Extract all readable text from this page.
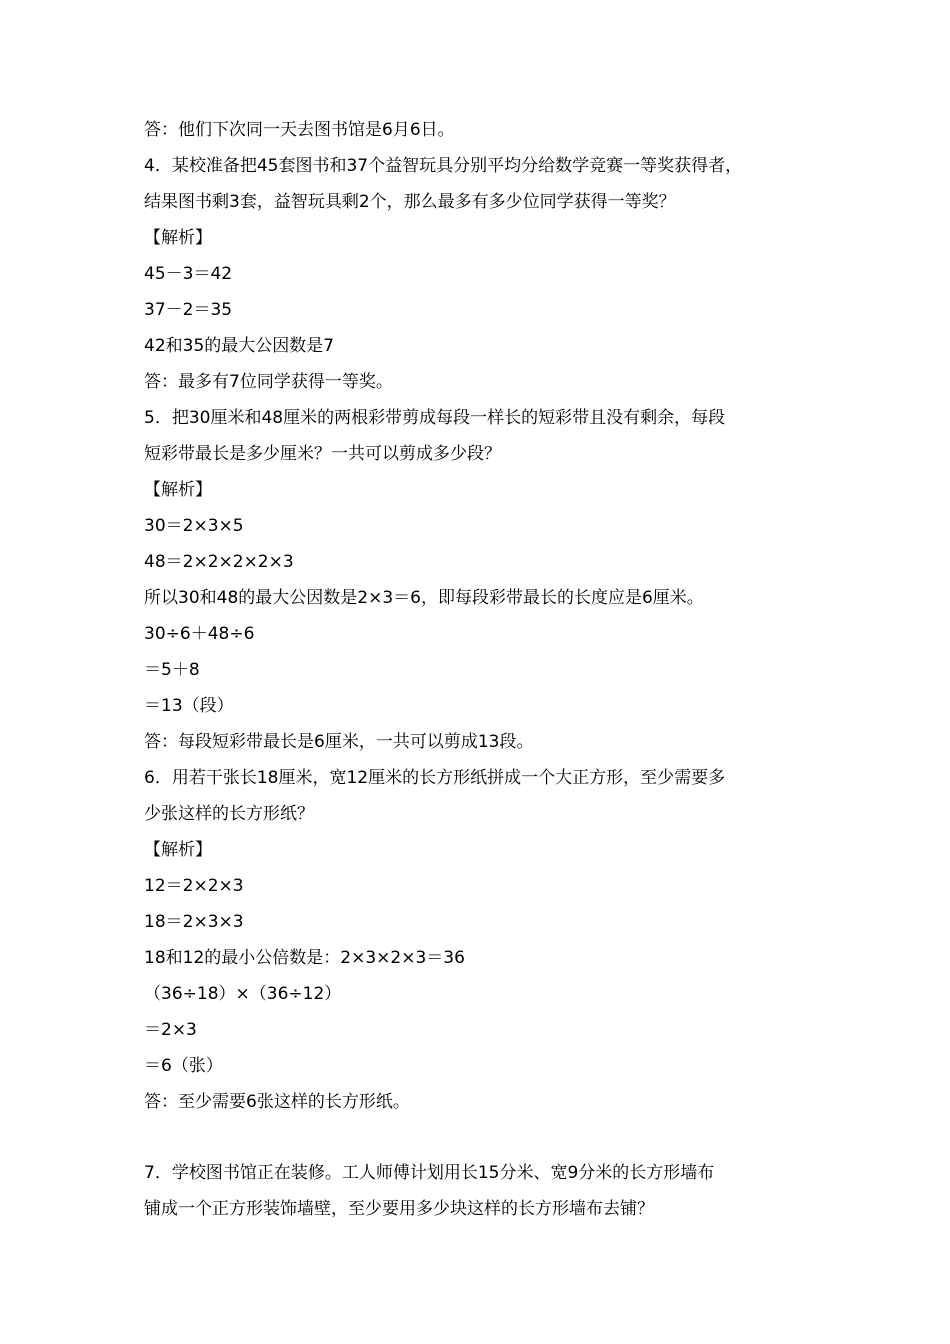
答：他们下次同一天去图书馆是6月6日。
4．某校准备把45套图书和37个益智玩具分别平均分给数学竞赛一等奖获得者，
结果图书剩3套，益智玩具剩2个，那么最多有多少位同学获得一等奖？
【解析】
45－3＝42
37－2＝35
42和35的最大公因数是7
答：最多有7位同学获得一等奖。
5．把30厘米和48厘米的两根彩带剪成每段一样长的短彩带且没有剩余，每段
短彩带最长是多少厘米？一共可以剪成多少段？
【解析】
30＝2×3×5
48＝2×2×2×2×3
所以30和48的最大公因数是2×3＝6，即每段彩带最长的长度应是6厘米。
30÷6＋48÷6
＝5＋8
＝13（段）
答：每段短彩带最长是6厘米，一共可以剪成13段。
6．用若干张长18厘米，宽12厘米的长方形纸拼成一个大正方形，至少需要多
少张这样的长方形纸？
【解析】
12＝2×2×3
18＝2×3×3
18和12的最小公倍数是：2×3×2×3＝36
（36÷18）×（36÷12）
＝2×3
＝6（张）
答：至少需要6张这样的长方形纸。
7．学校图书馆正在装修。工人师傅计划用长15分米、宽9分米的长方形墙布
铺成一个正方形装饰墙壁，至少要用多少块这样的长方形墙布去铺？
